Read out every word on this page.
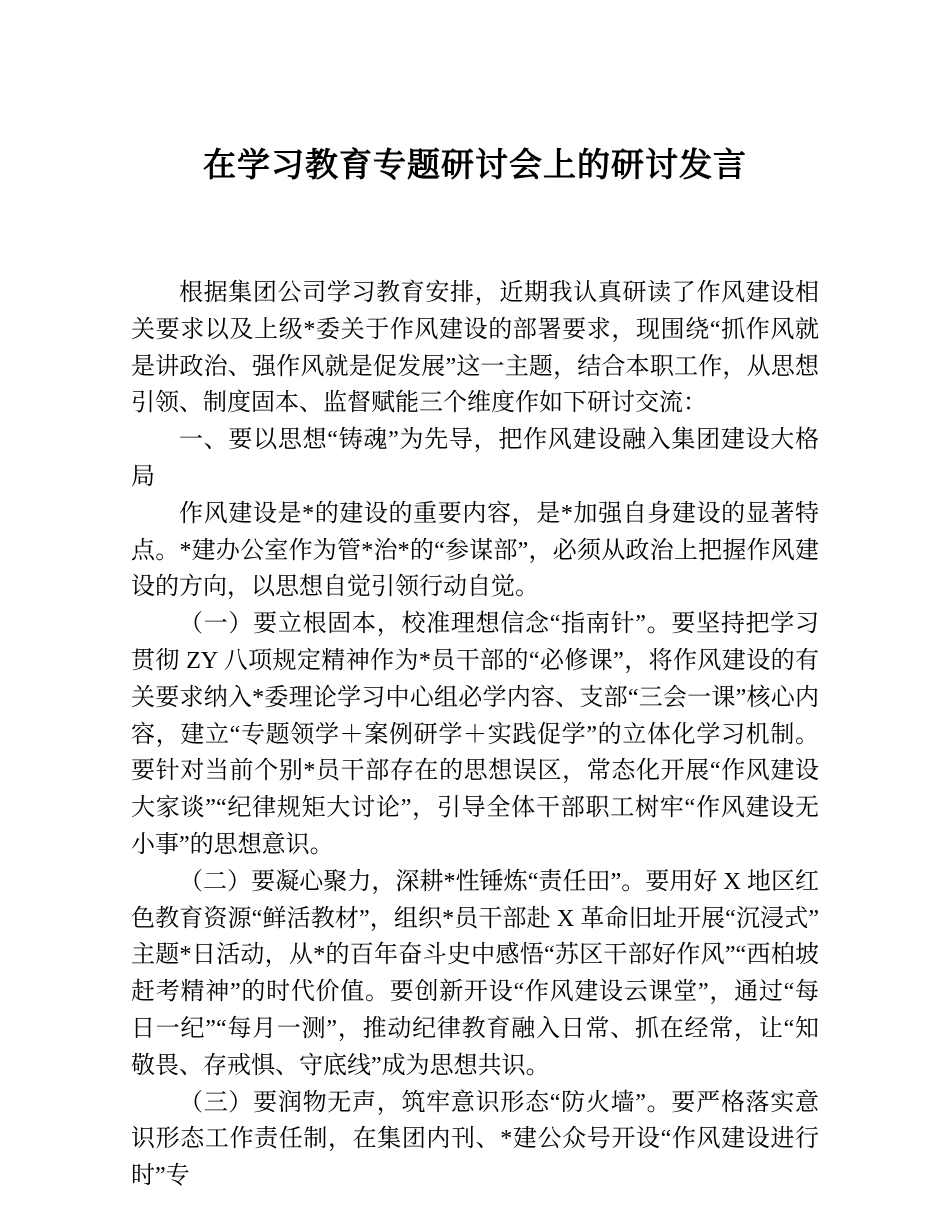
在学习教育专题研讨会上的研讨发言

根据集团公司学习教育安排，近期我认真研读了作风建设相关要求以及上级*委关于作风建设的部署要求，现围绕“抓作风就是讲政治、强作风就是促发展”这一主题，结合本职工作，从思想引领、制度固本、监督赋能三个维度作如下研讨交流：

一、要以思想“铸魂”为先导，把作风建设融入集团建设大格局

作风建设是*的建设的重要内容，是*加强自身建设的显著特点。*建办公室作为管*治*的“参谋部”，必须从政治上把握作风建设的方向，以思想自觉引领行动自觉。

（一）要立根固本，校准理想信念“指南针”。要坚持把学习贯彻 ZY 八项规定精神作为*员干部的“必修课”，将作风建设的有关要求纳入*委理论学习中心组必学内容、支部“三会一课”核心内容，建立“专题领学＋案例研学＋实践促学”的立体化学习机制。要针对当前个别*员干部存在的思想误区，常态化开展“作风建设大家谈”“纪律规矩大讨论”，引导全体干部职工树牢“作风建设无小事”的思想意识。

（二）要凝心聚力，深耕*性锤炼“责任田”。要用好 X 地区红色教育资源“鲜活教材”，组织*员干部赴 X 革命旧址开展“沉浸式”主题*日活动，从*的百年奋斗史中感悟“苏区干部好作风”“西柏坡赶考精神”的时代价值。要创新开设“作风建设云课堂”，通过“每日一纪”“每月一测”，推动纪律教育融入日常、抓在经常，让“知敬畏、存戒惧、守底线”成为思想共识。

（三）要润物无声，筑牢意识形态“防火墙”。要严格落实意识形态工作责任制，在集团内刊、*建公众号开设“作风建设进行时”专
